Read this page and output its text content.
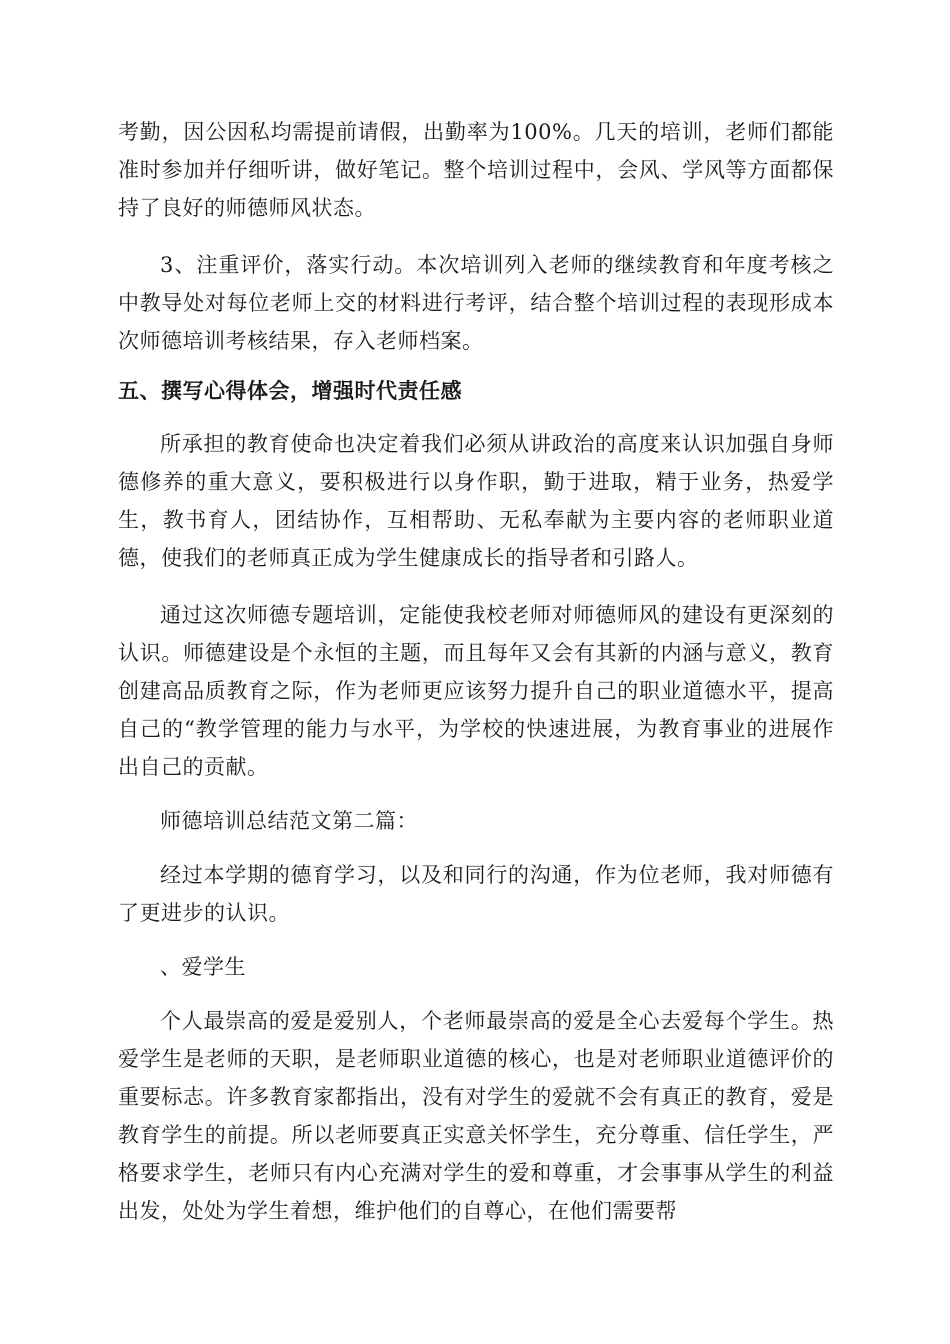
考勤，因公因私均需提前请假，出勤率为100%。几天的培训，老师们都能准时参加并仔细听讲，做好笔记。整个培训过程中，会风、学风等方面都保持了良好的师德师风状态。

3、注重评价，落实行动。本次培训列入老师的继续教育和年度考核之中教导处对每位老师上交的材料进行考评，结合整个培训过程的表现形成本次师德培训考核结果，存入老师档案。

五、撰写心得体会，增强时代责任感

所承担的教育使命也决定着我们必须从讲政治的高度来认识加强自身师德修养的重大意义，要积极进行以身作职，勤于进取，精于业务，热爱学生，教书育人，团结协作，互相帮助、无私奉献为主要内容的老师职业道德，使我们的老师真正成为学生健康成长的指导者和引路人。

通过这次师德专题培训，定能使我校老师对师德师风的建设有更深刻的认识。师德建设是个永恒的主题，而且每年又会有其新的内涵与意义，教育创建高品质教育之际，作为老师更应该努力提升自己的职业道德水平，提高自己的“教学管理的能力与水平，为学校的快速进展，为教育事业的进展作出自己的贡献。

师德培训总结范文第二篇：

经过本学期的德育学习，以及和同行的沟通，作为位老师，我对师德有了更进步的认识。

、爱学生

个人最崇高的爱是爱别人，个老师最崇高的爱是全心去爱每个学生。热爱学生是老师的天职，是老师职业道德的核心，也是对老师职业道德评价的重要标志。许多教育家都指出，没有对学生的爱就不会有真正的教育，爱是教育学生的前提。所以老师要真正实意关怀学生，充分尊重、信任学生，严格要求学生，老师只有内心充满对学生的爱和尊重，才会事事从学生的利益出发，处处为学生着想，维护他们的自尊心，在他们需要帮
